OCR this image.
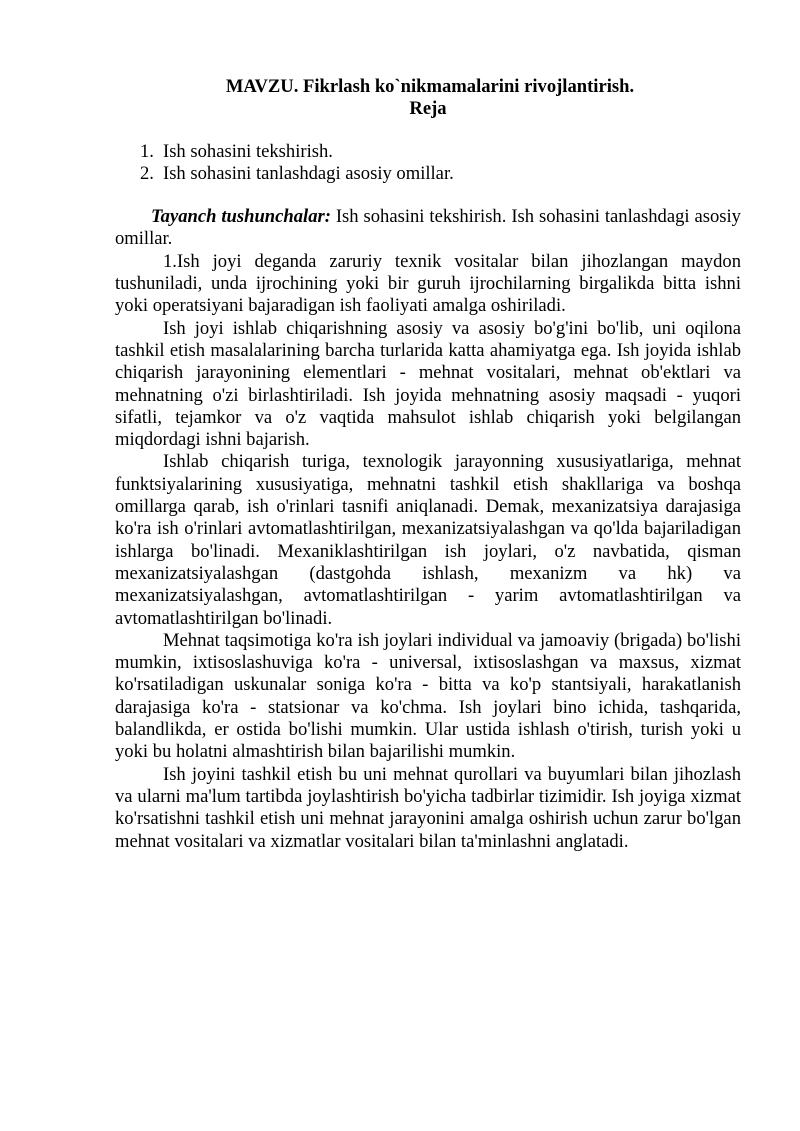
MAVZU. Fikrlash ko`nikmamalarini rivojlantirish.
Reja
1. Ish sohasini tekshirish.
2. Ish sohasini tanlashdagi asosiy omillar.

Tayanch tushunchalar: Ish sohasini tekshirish. Ish sohasini tanlashdagi asosiy omillar.

1.Ish joyi deganda zaruriy texnik vositalar bilan jihozlangan maydon tushuniladi, unda ijrochining yoki bir guruh ijrochilarning birgalikda bitta ishni yoki operatsiyani bajaradigan ish faoliyati amalga oshiriladi.

Ish joyi ishlab chiqarishning asosiy va asosiy bo'g'ini bo'lib, uni oqilona tashkil etish masalalarining barcha turlarida katta ahamiyatga ega. Ish joyida ishlab chiqarish jarayonining elementlari - mehnat vositalari, mehnat ob'ektlari va mehnatning o'zi birlashtiriladi. Ish joyida mehnatning asosiy maqsadi - yuqori sifatli, tejamkor va o'z vaqtida mahsulot ishlab chiqarish yoki belgilangan miqdordagi ishni bajarish.

Ishlab chiqarish turiga, texnologik jarayonning xususiyatlariga, mehnat funktsiyalarining xususiyatiga, mehnatni tashkil etish shakllariga va boshqa omillarga qarab, ish o'rinlari tasnifi aniqlanadi. Demak, mexanizatsiya darajasiga ko'ra ish o'rinlari avtomatlashtirilgan, mexanizatsiyalashgan va qo'lda bajariladigan ishlarga bo'linadi. Mexaniklashtirilgan ish joylari, o'z navbatida, qisman mexanizatsiyalashgan (dastgohda ishlash, mexanizm va hk) va mexanizatsiyalashgan, avtomatlashtirilgan - yarim avtomatlashtirilgan va avtomatlashtirilgan bo'linadi.

Mehnat taqsimotiga ko'ra ish joylari individual va jamoaviy (brigada) bo'lishi mumkin, ixtisoslashuviga ko'ra - universal, ixtisoslashgan va maxsus, xizmat ko'rsatiladigan uskunalar soniga ko'ra - bitta va ko'p stantsiyali, harakatlanish darajasiga ko'ra - statsionar va ko'chma. Ish joylari bino ichida, tashqarida, balandlikda, er ostida bo'lishi mumkin. Ular ustida ishlash o'tirish, turish yoki u yoki bu holatni almashtirish bilan bajarilishi mumkin.

Ish joyini tashkil etish bu uni mehnat qurollari va buyumlari bilan jihozlash va ularni ma'lum tartibda joylashtirish bo'yicha tadbirlar tizimidir. Ish joyiga xizmat ko'rsatishni tashkil etish uni mehnat jarayonini amalga oshirish uchun zarur bo'lgan mehnat vositalari va xizmatlar vositalari bilan ta'minlashni anglatadi.
